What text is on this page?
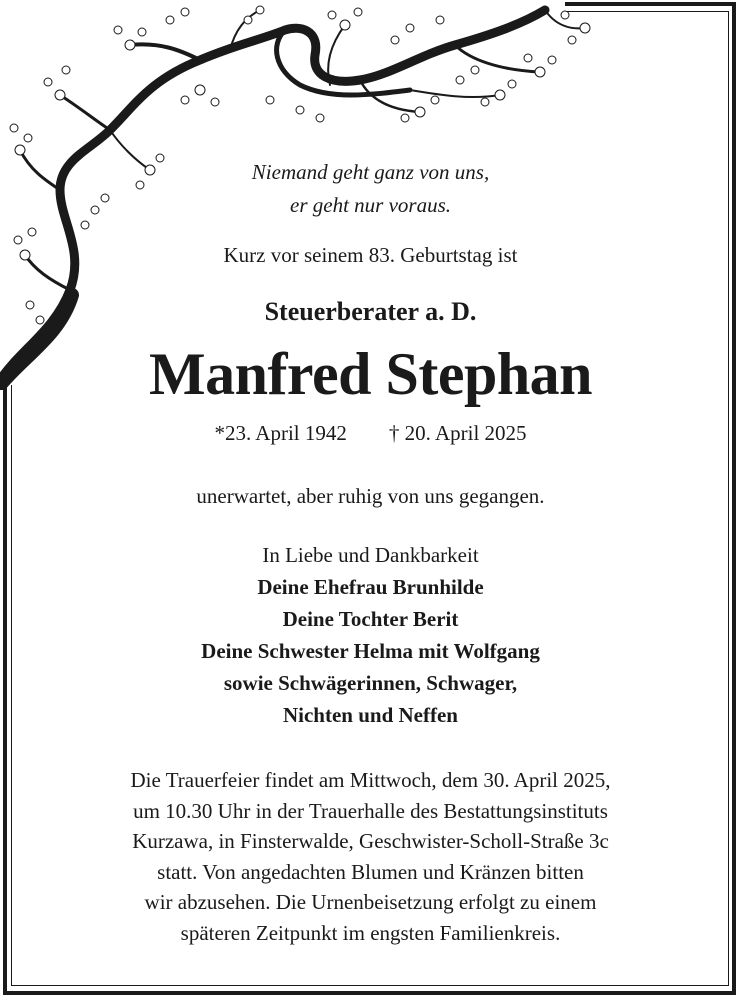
Niemand geht ganz von uns,
er geht nur voraus.
Kurz vor seinem 83. Geburtstag ist
Steuerberater a. D.
Manfred Stephan
*23. April 1942 † 20. April 2025
unerwartet, aber ruhig von uns gegangen.
In Liebe und Dankbarkeit
Deine Ehefrau Brunhilde
Deine Tochter Berit
Deine Schwester Helma mit Wolfgang
sowie Schwägerinnen, Schwager,
Nichten und Neffen
Die Trauerfeier findet am Mittwoch, dem 30. April 2025,
um 10.30 Uhr in der Trauerhalle des Bestattungsinstituts
Kurzawa, in Finsterwalde, Geschwister-Scholl-Straße 3c
statt. Von angedachten Blumen und Kränzen bitten
wir abzusehen. Die Urnenbeisetzung erfolgt zu einem
späteren Zeitpunkt im engsten Familienkreis.
